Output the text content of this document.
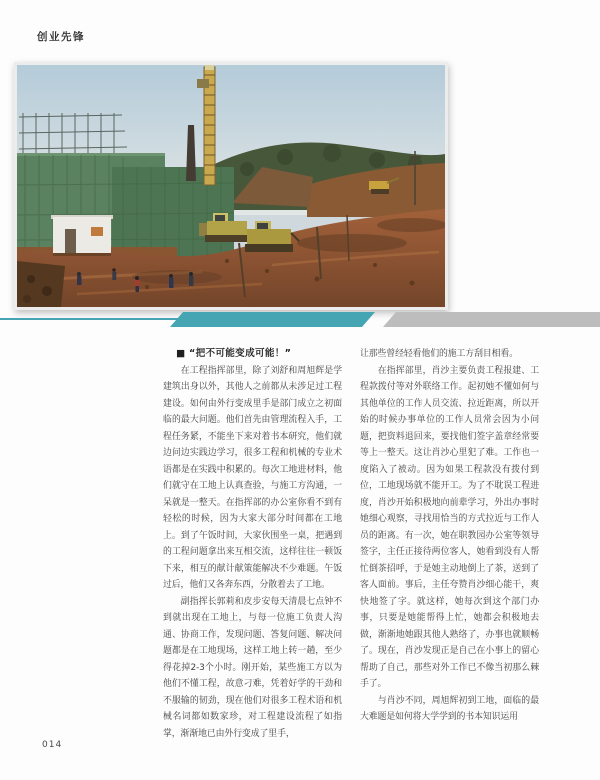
创业先锋
■ “把不可能变成可能！”

在工程指挥部里，除了刘舒和周旭辉是学建筑出身以外，其他人之前都从未涉足过工程建设。如何由外行变成里手是部门成立之初面临的最大问题。他们首先由管理流程入手，工程任务紧，不能坐下来对着书本研究，他们就边问边实践边学习，很多工程和机械的专业术语都是在实践中积累的。每次工地进材料，他们就守在工地上认真查验，与施工方沟通，一呆就是一整天。在指挥部的办公室你看不到有轻松的时候，因为大家大部分时间都在工地上。到了午饭时间，大家伙围坐一桌，把遇到的工程问题拿出来互相交流，这样往往一顿饭下来，相互的献计献策能解决不少难题。午饭过后，他们又各奔东西，分散着去了工地。

副指挥长郭莉和皮步安每天清晨七点钟不到就出现在工地上，与每一位施工负责人沟通、协商工作，发现问题、答复问题、解决问题都是在工地现场，这样工地上转一趟，至少得花掉2-3个小时。刚开始，某些施工方以为他们不懂工程，故意刁难，凭着好学的干劲和不服输的韧劲，现在他们对很多工程术语和机械名词都如数家珍，对工程建设流程了如指掌，渐渐地已由外行变成了里手，

让那些曾经轻看他们的施工方刮目相看。

在指挥部里，肖沙主要负责工程报建、工程款拨付等对外联络工作。起初她不懂如何与其他单位的工作人员交流、拉近距离，所以开始的时候办事单位的工作人员常会因为小问题，把资料退回来，要找他们签字盖章经常要等上一整天。这让肖沙心里犯了难。工作也一度陷入了被动。因为如果工程款没有拨付到位，工地现场就不能开工。为了不耽误工程进度，肖沙开始积极地向前辈学习，外出办事时她细心观察，寻找用恰当的方式拉近与工作人员的距离。有一次，她在职教园办公室等领导签字，主任正接待两位客人，她看到没有人帮忙倒茶招呼，于是她主动地倒上了茶，送到了客人面前。事后，主任夸赞肖沙细心能干，爽快地签了字。就这样，她每次到这个部门办事，只要是她能帮得上忙，她都会积极地去做，渐渐地她跟其他人熟络了，办事也就顺畅了。现在，肖沙发现正是自己在小事上的留心帮助了自己，那些对外工作已不像当初那么棘手了。

与肖沙不同，周旭辉初到工地，面临的最大难题是如何将大学学到的书本知识运用

014
